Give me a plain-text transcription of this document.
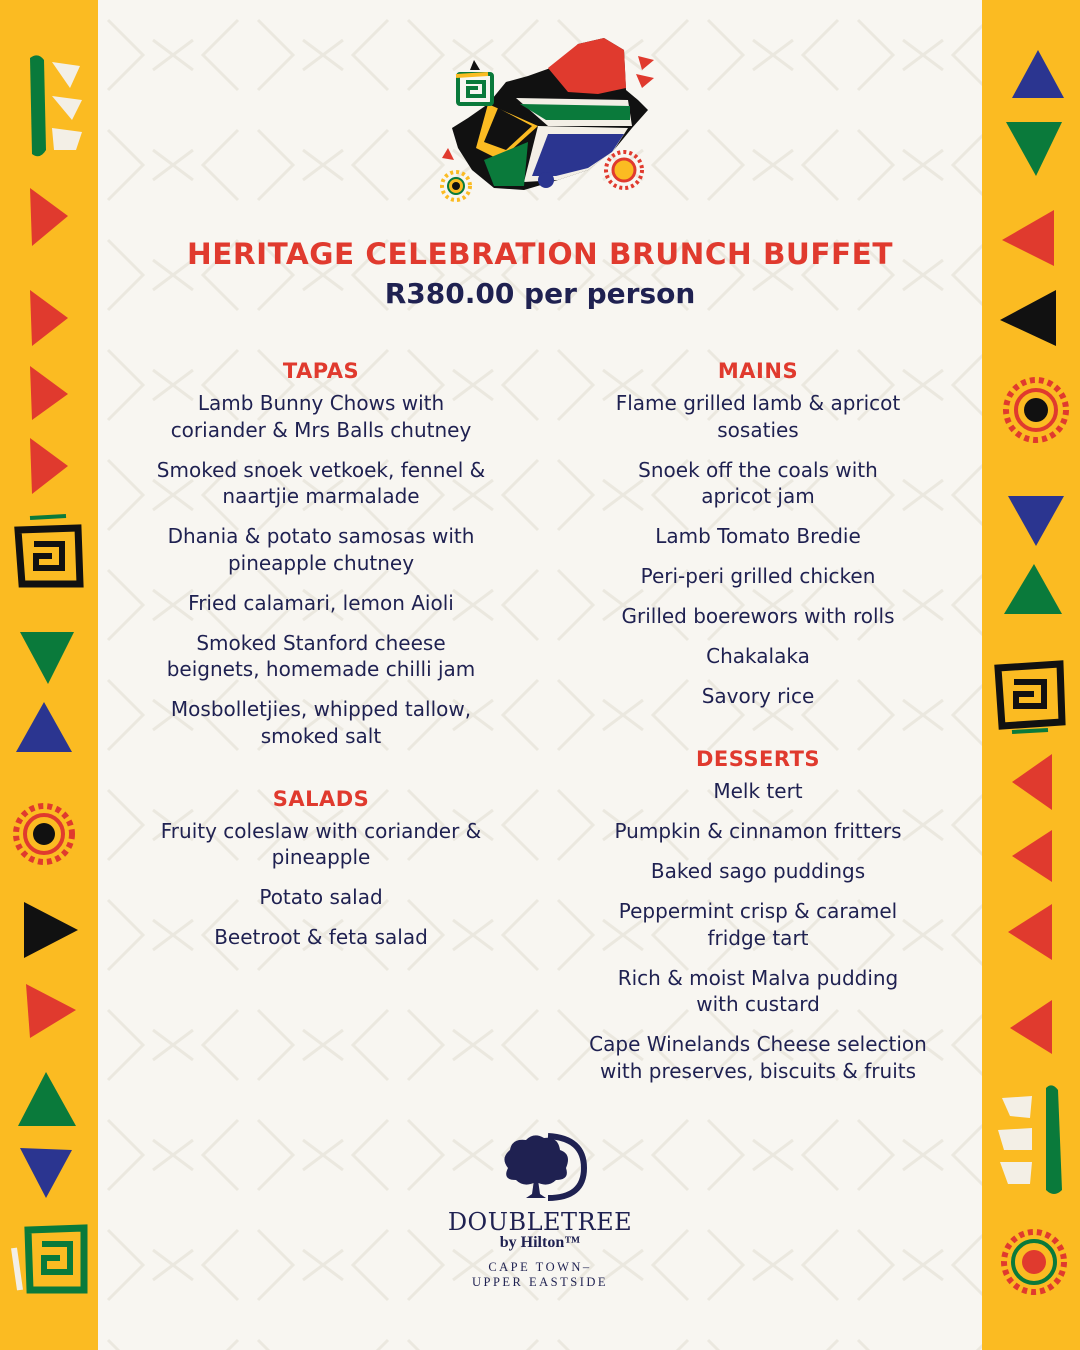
HERITAGE CELEBRATION BRUNCH BUFFET
R380.00 per person
TAPAS
Lamb Bunny Chows with
coriander & Mrs Balls chutney
Smoked snoek vetkoek, fennel &
naartjie marmalade
Dhania & potato samosas with
pineapple chutney
Fried calamari, lemon Aioli
Smoked Stanford cheese
beignets, homemade chilli jam
Mosbolletjies, whipped tallow,
smoked salt
SALADS
Fruity coleslaw with coriander &
pineapple
Potato salad
Beetroot & feta salad
MAINS
Flame grilled lamb & apricot
sosaties
Snoek off the coals with
apricot jam
Lamb Tomato Bredie
Peri-peri grilled chicken
Grilled boerewors with rolls
Chakalaka
Savory rice
DESSERTS
Melk tert
Pumpkin & cinnamon fritters
Baked sago puddings
Peppermint crisp & caramel
fridge tart
Rich & moist Malva pudding
with custard
Cape Winelands Cheese selection
with preserves, biscuits & fruits
DOUBLETREE
by Hilton™
CAPE TOWN–
UPPER EASTSIDE
